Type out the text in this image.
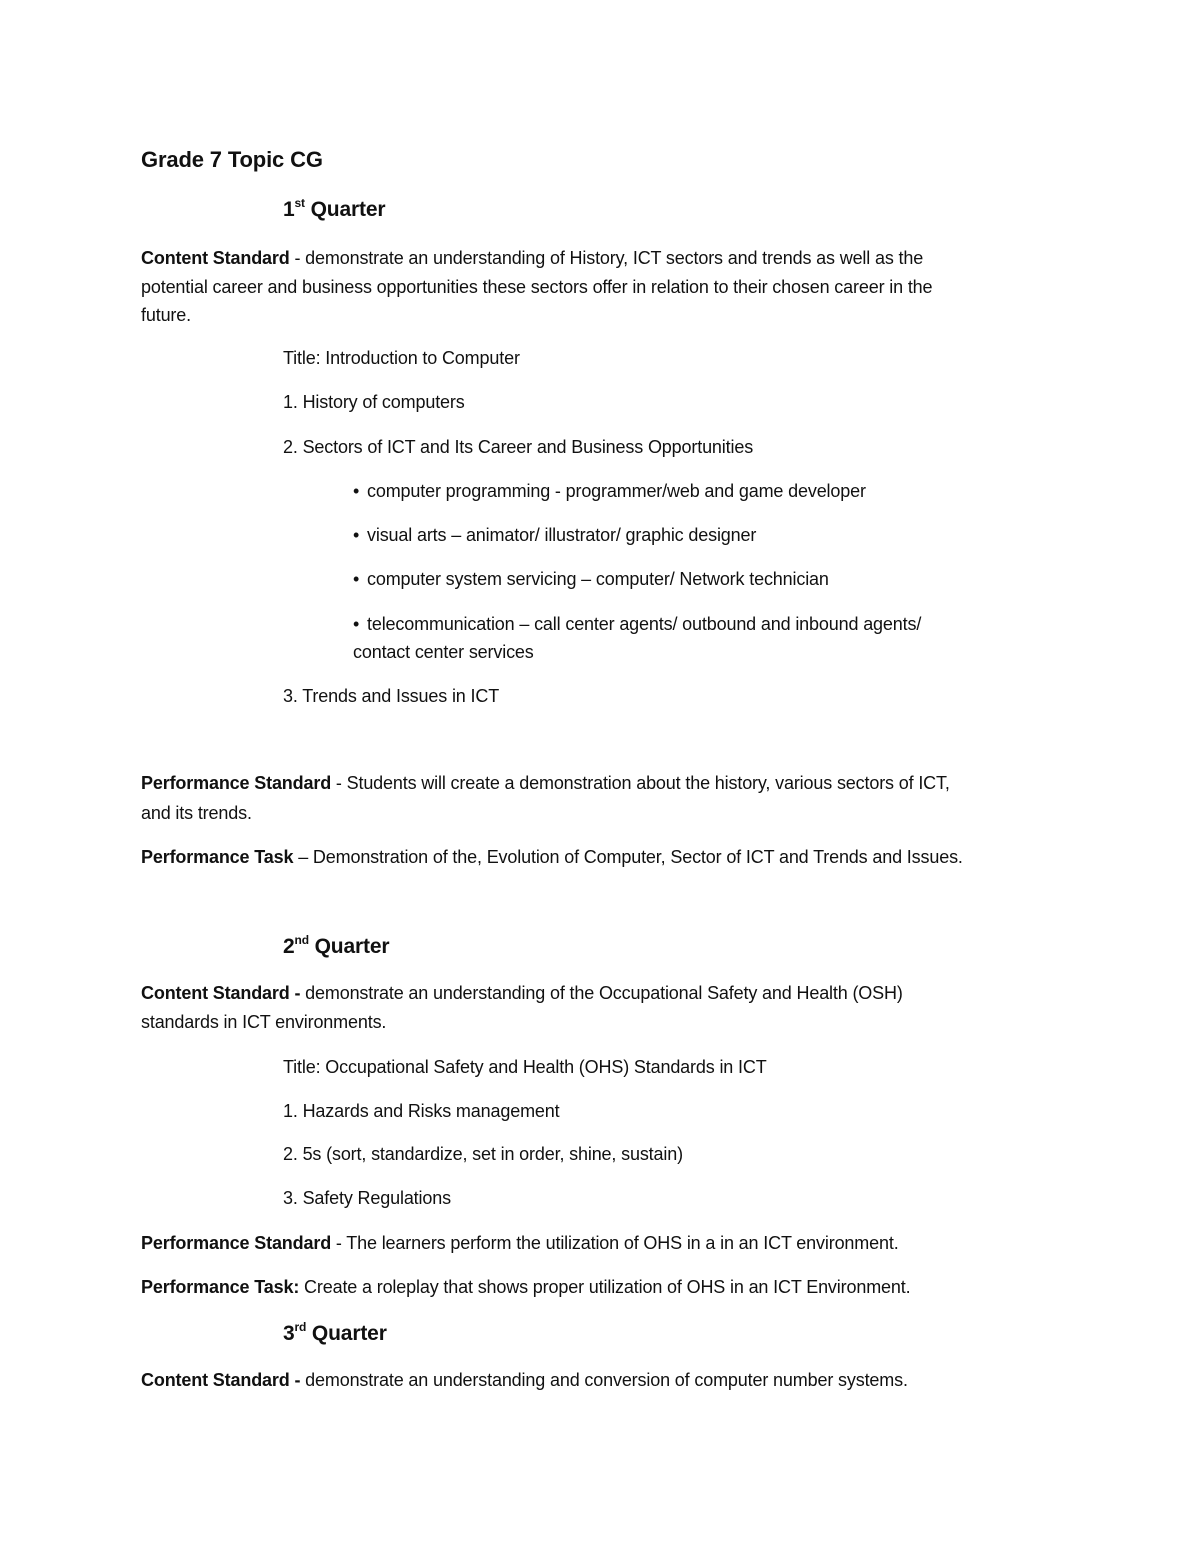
Grade 7 Topic CG
1st Quarter
Content Standard - demonstrate an understanding of History, ICT sectors and trends as well as the
potential career and business opportunities these sectors offer in relation to their chosen career in the
future.
Title: Introduction to Computer
1. History of computers
2. Sectors of ICT and Its Career and Business Opportunities
• computer programming - programmer/web and game developer
• visual arts – animator/ illustrator/ graphic designer
• computer system servicing – computer/ Network technician
• telecommunication – call center agents/ outbound and inbound agents/
contact center services
3. Trends and Issues in ICT
Performance Standard - Students will create a demonstration about the history, various sectors of ICT,
and its trends.
Performance Task – Demonstration of the, Evolution of Computer, Sector of ICT and Trends and Issues.
2nd Quarter
Content Standard - demonstrate an understanding of the Occupational Safety and Health (OSH)
standards in ICT environments.
Title: Occupational Safety and Health (OHS) Standards in ICT
1. Hazards and Risks management
2. 5s (sort, standardize, set in order, shine, sustain)
3. Safety Regulations
Performance Standard - The learners perform the utilization of OHS in a in an ICT environment.
Performance Task: Create a roleplay that shows proper utilization of OHS in an ICT Environment.
3rd Quarter
Content Standard - demonstrate an understanding and conversion of computer number systems.
